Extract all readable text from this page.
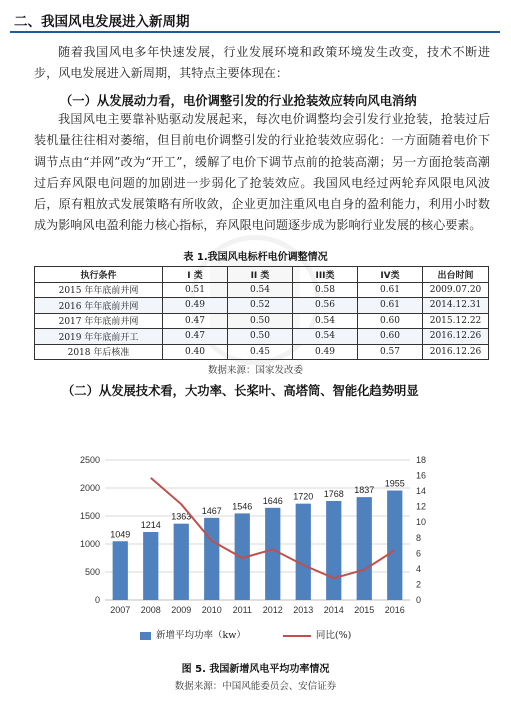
二、我国风电发展进入新周期

随着我国风电多年快速发展，行业发展环境和政策环境发生改变，技术不断进步，风电发展进入新周期，其特点主要体现在：

（一）从发展动力看，电价调整引发的行业抢装效应转向风电消纳

我国风电主要靠补贴驱动发展起来，每次电价调整均会引发行业抢装，抢装过后装机量往往相对萎缩，但目前电价调整引发的行业抢装效应弱化：一方面随着电价下调节点由“并网”改为“开工”，缓解了电价下调节点前的抢装高潮；另一方面抢装高潮过后弃风限电问题的加剧进一步弱化了抢装效应。我国风电经过两轮弃风限电风波后，原有粗放式发展策略有所收敛，企业更加注重风电自身的盈利能力，利用小时数成为影响风电盈利能力核心指标，弃风限电问题逐步成为影响行业发展的核心要素。

表 1.我国风电标杆电价调整情况
执行条件	I 类	II 类	III类	IV类	出台时间
2015 年年底前并网	0.51	0.54	0.58	0.61	2009.07.20
2016 年年底前并网	0.49	0.52	0.56	0.61	2014.12.31
2017 年年底前并网	0.47	0.50	0.54	0.60	2015.12.22
2019 年年底前开工	0.47	0.50	0.54	0.60	2016.12.26
2018 年后核准	0.40	0.45	0.49	0.57	2016.12.26
数据来源：国家发改委
（二）从发展技术看，大功率、长桨叶、高塔筒、智能化趋势明显
0
500
1000
1500
2000
2500
0
2
4
6
8
10
12
14
16
18
1049
2007
1214
2008
1363
2009
1467
2010
1546
2011
1646
2012
1720
2013
1768
2014
1837
2015
1955
2016
新增平均功率（kw）	同比(%)
图 5. 我国新增风电平均功率情况
数据来源：中国风能委员会、安信证券
